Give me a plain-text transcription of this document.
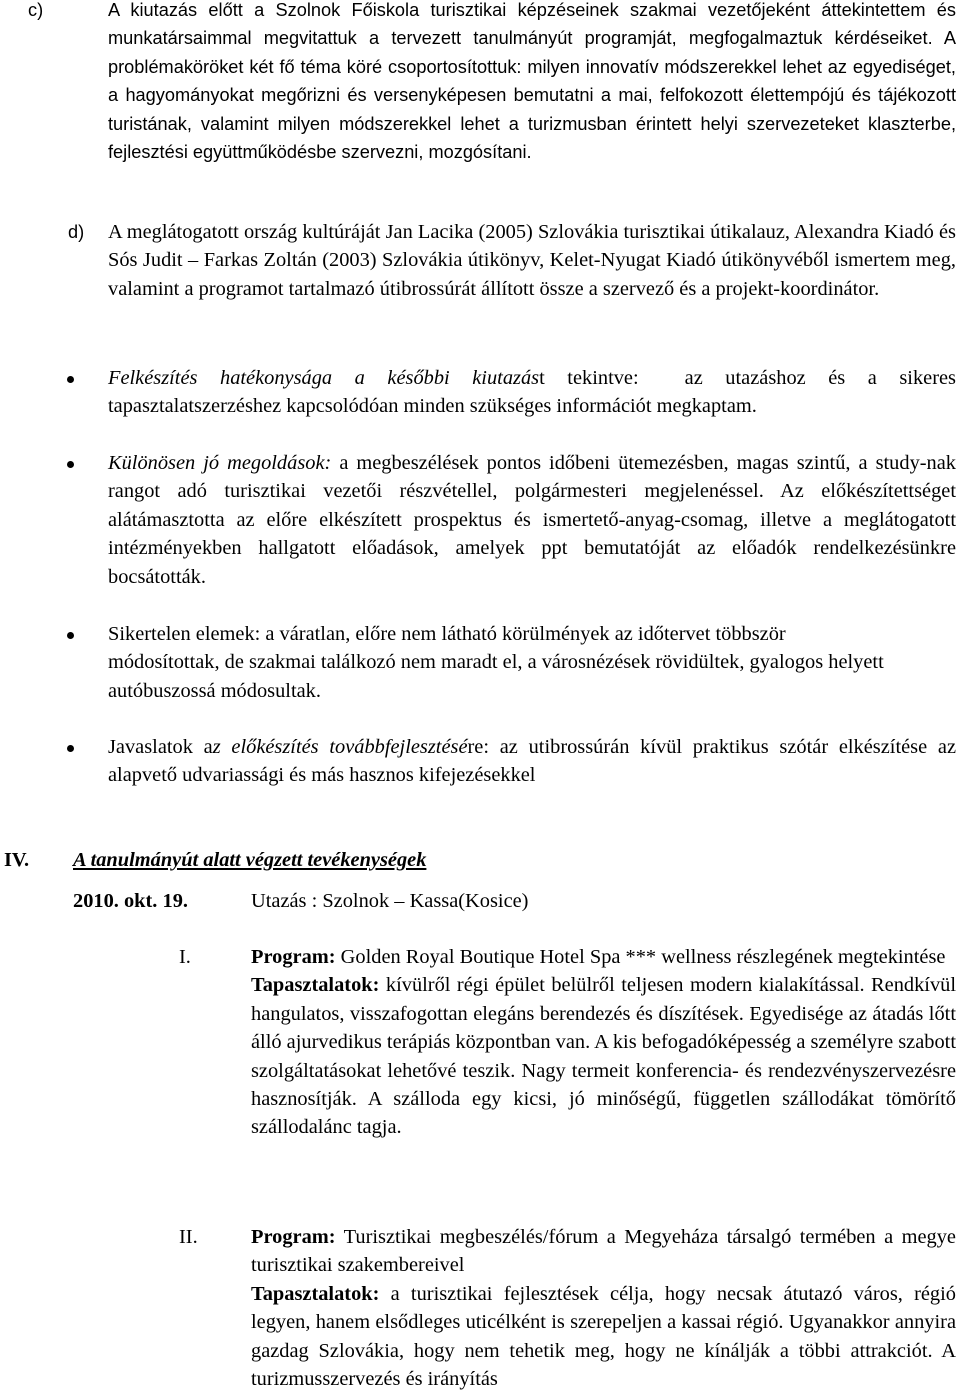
c)	A kiutazás előtt a Szolnok Főiskola turisztikai képzéseinek szakmai vezetőjeként áttekintettem és munkatársaimmal megvitattuk a tervezett tanulmányút programját, megfogalmaztuk kérdéseiket. A problémaköröket két fő téma köré csoportosítottuk: milyen innovatív módszerekkel lehet az egyediséget, a hagyományokat megőrizni és versenyképesen bemutatni a mai, felfokozott élettempójú és tájékozott turistának, valamint milyen módszerekkel lehet a turizmusban érintett helyi szervezeteket klaszterbe, fejlesztési együttműködésbe szervezni, mozgósítani.
d) A meglátogatott ország kultúráját Jan Lacika (2005) Szlovákia turisztikai útikalauz, Alexandra Kiadó és Sós Judit – Farkas Zoltán (2003) Szlovákia útikönyv, Kelet-Nyugat Kiadó útikönyvéből ismertem meg, valamint a programot tartalmazó útibrossúrát állított össze a szervező és a projekt-koordinátor.

Felkészítés hatékonysága a későbbi kiutazást tekintve: az utazáshoz és a sikeres tapasztalatszerzéshez kapcsolódóan minden szükséges információt megkaptam.

Különösen jó megoldások: a megbeszélések pontos időbeni ütemezésben, magas szintű, a study-nak rangot adó turisztikai vezetői részvétellel, polgármesteri megjelenéssel. Az előkészítettséget alátámasztotta az előre elkészített prospektus és ismertető-anyag-csomag, illetve a meglátogatott intézményekben hallgatott előadások, amelyek ppt bemutatóját az előadók rendelkezésünkre bocsátották.

Sikertelen elemek: a váratlan, előre nem látható körülmények az időtervet többször módosítottak, de szakmai találkozó nem maradt el, a városnézések rövidültek, gyalogos helyett autóbuszossá módosultak.

Javaslatok az előkészítés továbbfejlesztésére: az utibrossúrán kívül praktikus szótár elkészítése az alapvető udvariassági és más hasznos kifejezésekkel

IV. A tanulmányút alatt végzett tevékenységek
2010. okt. 19.	Utazás : Szolnok – Kassa(Kosice)
I.	Program: Golden Royal Boutique Hotel Spa *** wellness részlegének megtekintése

Tapasztalatok: kívülről régi épület belülről teljesen modern kialakítással. Rendkívül hangulatos, visszafogottan elegáns berendezés és díszítések. Egyedisége az átadás lőtt álló ajurvedikus terápiás központban van. A kis befogadóképesség a személyre szabott szolgáltatásokat lehetővé teszik. Nagy termeit konferencia- és rendezvényszervezésre hasznosítják. A szálloda egy kicsi, jó minőségű, független szállodákat tömörítő szállodalánc tagja.

II.	Program: Turisztikai megbeszélés/fórum a Megyeháza társalgó termében a megye turisztikai szakembereivel

Tapasztalatok: a turisztikai fejlesztések célja, hogy necsak átutazó város, régió legyen, hanem elsődleges uticélként is szerepeljen a kassai régió. Ugyanakkor annyira gazdag Szlovákia, hogy nem tehetik meg, hogy ne kínálják a többi attrakciót. A turizmusszervezés és irányítás
